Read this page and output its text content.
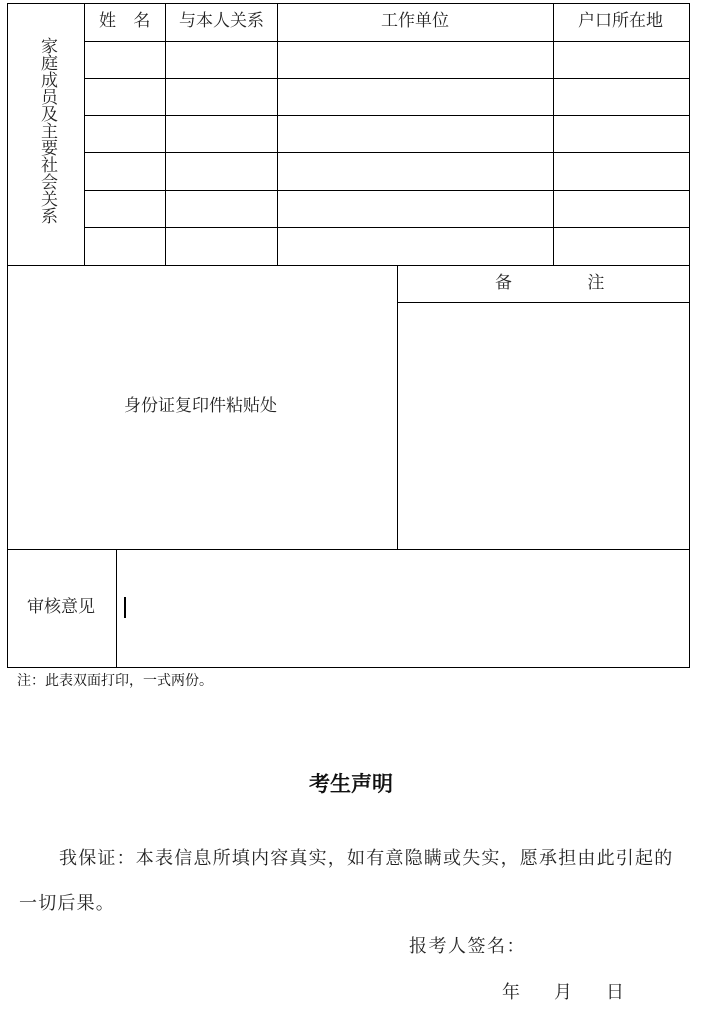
家庭成员及主要社会关系
姓 名 与本人关系	工作单位	户口所在地
身份证复印件粘贴处
备 注
审核意见
注：此表双面打印，一式两份。
考生声明
我保证：本表信息所填内容真实，如有意隐瞒或失实，愿承担由此引起的一切后果。
报考人签名：
年 月 日
